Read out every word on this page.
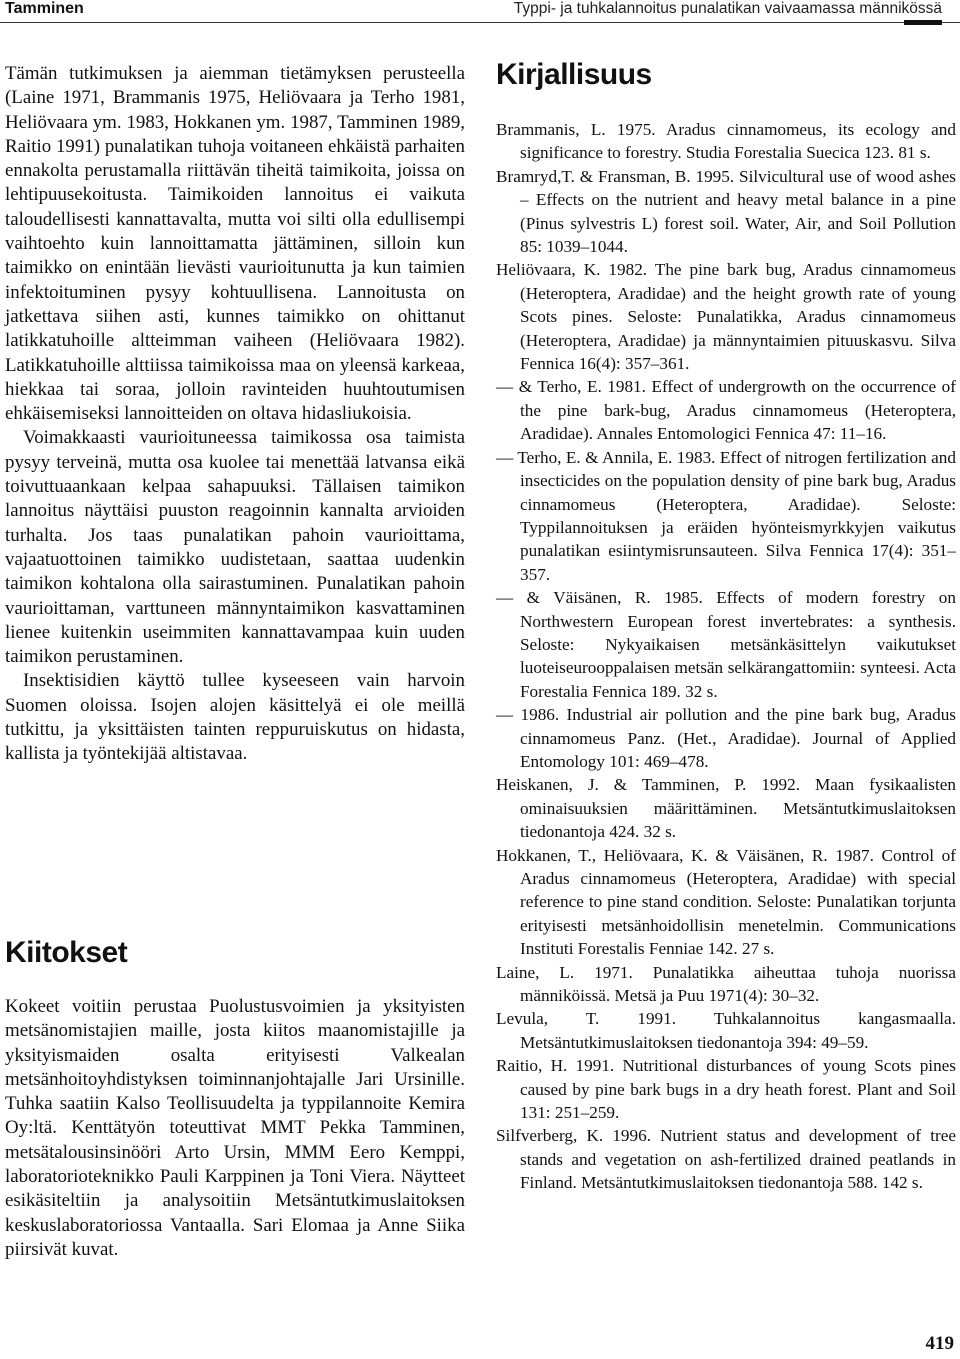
Tamminen	Typpi- ja tuhkalannoitus punalatikan vaivaamassa männikössä

Tämän tutkimuksen ja aiemman tietämyksen perusteella (Laine 1971, Brammanis 1975, Heliövaara ja Terho 1981, Heliövaara ym. 1983, Hokkanen ym. 1987, Tamminen 1989, Raitio 1991) punalatikan tuhoja voitaneen ehkäistä parhaiten ennakolta perustamalla riittävän tiheitä taimikoita, joissa on lehtipuusekoitusta. Taimikoiden lannoitus ei vaikuta taloudellisesti kannattavalta, mutta voi silti olla edullisempi vaihtoehto kuin lannoittamatta jättäminen, silloin kun taimikko on enintään lievästi vaurioitunutta ja kun taimien infektoituminen pysyy kohtuullisena. Lannoitusta on jatkettava siihen asti, kunnes taimikko on ohittanut latikkatuhoille altteimman vaiheen (Heliövaara 1982). Latikkatuhoille alttiissa taimikoissa maa on yleensä karkeaa, hiekkaa tai soraa, jolloin ravinteiden huuhtoutumisen ehkäisemiseksi lannoitteiden on oltava hidasliukoisia.

Voimakkaasti vaurioituneessa taimikossa osa taimista pysyy terveinä, mutta osa kuolee tai menettää latvansa eikä toivuttuaankaan kelpaa sahapuuksi. Tällaisen taimikon lannoitus näyttäisi puuston reagoinnin kannalta arvioiden turhalta. Jos taas punalatikan pahoin vaurioittama, vajaatuottoinen taimikko uudistetaan, saattaa uudenkin taimikon kohtalona olla sairastuminen. Punalatikan pahoin vaurioittaman, varttuneen männyntaimikon kasvattaminen lienee kuitenkin useimmiten kannattavampaa kuin uuden taimikon perustaminen.

Insektisidien käyttö tullee kyseeseen vain harvoin Suomen oloissa. Isojen alojen käsittelyä ei ole meillä tutkittu, ja yksittäisten tainten reppuruiskutus on hidasta, kallista ja työntekijää altistavaa.

Kiitokset

Kokeet voitiin perustaa Puolustusvoimien ja yksityisten metsänomistajien maille, josta kiitos maanomistajille ja yksityismaiden osalta erityisesti Valkealan metsänhoitoyhdistyksen toiminnanjohtajalle Jari Ursinille. Tuhka saatiin Kalso Teollisuudelta ja typpilannoite Kemira Oy:ltä. Kenttätyön toteuttivat MMT Pekka Tamminen, metsätalousinsinööri Arto Ursin, MMM Eero Kemppi, laboratorioteknikko Pauli Karppinen ja Toni Viera. Näytteet esikäsiteltiin ja analysoitiin Metsäntutkimuslaitoksen keskuslaboratoriossa Vantaalla. Sari Elomaa ja Anne Siika piirsivät kuvat.

Kirjallisuus

Brammanis, L. 1975. Aradus cinnamomeus, its ecology and significance to forestry. Studia Forestalia Suecica 123. 81 s.

Bramryd,T. & Fransman, B. 1995. Silvicultural use of wood ashes – Effects on the nutrient and heavy metal balance in a pine (Pinus sylvestris L) forest soil. Water, Air, and Soil Pollution 85: 1039–1044.

Heliövaara, K. 1982. The pine bark bug, Aradus cinnamomeus (Heteroptera, Aradidae) and the height growth rate of young Scots pines. Seloste: Punalatikka, Aradus cinnamomeus (Heteroptera, Aradidae) ja männyntaimien pituuskasvu. Silva Fennica 16(4): 357–361.

— & Terho, E. 1981. Effect of undergrowth on the occurrence of the pine bark-bug, Aradus cinnamomeus (Heteroptera, Aradidae). Annales Entomologici Fennica 47: 11–16.

— Terho, E. & Annila, E. 1983. Effect of nitrogen fertilization and insecticides on the population density of pine bark bug, Aradus cinnamomeus (Heteroptera, Aradidae). Seloste: Typpilannoituksen ja eräiden hyönteismyrkkyjen vaikutus punalatikan esiintymisrunsauteen. Silva Fennica 17(4): 351–357.

— & Väisänen, R. 1985. Effects of modern forestry on Northwestern European forest invertebrates: a synthesis. Seloste: Nykyaikaisen metsänkäsittelyn vaikutukset luoteiseurooppalaisen metsän selkärangattomiin: synteesi. Acta Forestalia Fennica 189. 32 s.

— 1986. Industrial air pollution and the pine bark bug, Aradus cinnamomeus Panz. (Het., Aradidae). Journal of Applied Entomology 101: 469–478.

Heiskanen, J. & Tamminen, P. 1992. Maan fysikaalisten ominaisuuksien määrittäminen. Metsäntutkimuslaitoksen tiedonantoja 424. 32 s.

Hokkanen, T., Heliövaara, K. & Väisänen, R. 1987. Control of Aradus cinnamomeus (Heteroptera, Aradidae) with special reference to pine stand condition. Seloste: Punalatikan torjunta erityisesti metsänhoidollisin menetelmin. Communications Instituti Forestalis Fenniae 142. 27 s.

Laine, L. 1971. Punalatikka aiheuttaa tuhoja nuorissa männiköissä. Metsä ja Puu 1971(4): 30–32.

Levula, T. 1991. Tuhkalannoitus kangasmaalla. Metsäntutkimuslaitoksen tiedonantoja 394: 49–59.

Raitio, H. 1991. Nutritional disturbances of young Scots pines caused by pine bark bugs in a dry heath forest. Plant and Soil 131: 251–259.

Silfverberg, K. 1996. Nutrient status and development of tree stands and vegetation on ash-fertilized drained peatlands in Finland. Metsäntutkimuslaitoksen tiedonantoja 588. 142 s.

419
